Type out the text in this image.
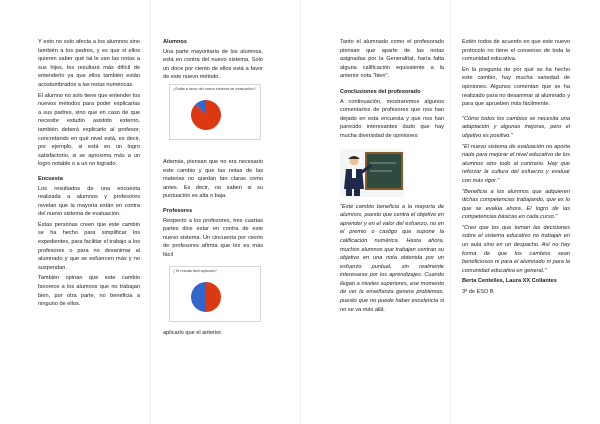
Y esto no solo afecta a los alumnos sino también a los padres, y es que si ellos quieren saber qué tal le van las notas a sus hijos, les resultará más difícil de entenderlo ya que ellos también están acostumbrados a las notas numéricas.

El alumno no solo tiene que entender los nuevos métodos para poder explicarlas a sus padres, sino que en caso de que necesite estudio asistido externo, también deberá explicarlo al profesor, concretando en qué nivel está, es decir, por ejemplo, si está en un logro satisfactorio, si se aproxima más a un logro notable o a un no logrado.

Encuesta

Los resultados de una encuesta realizada a alumnos y profesores revelan que la mayoría están en contra del nuevo sistema de evaluación.

Estas personas creen que este cambio se ha hecho para simplificar los expedientes, para facilitar el trabajo a los profesores o para no desanimar al alumnado y que se esfuercen más y no suspendan.

También opinan que este cambio favorece a los alumnos que no trabajan bien, por otra parte, no beneficia a ninguno de ellos.

Alumnos

Una parte mayoritaria de los alumnos, está en contra del nuevo sistema. Solo un doce por ciento de ellos está a favor de este nuevo método.

¿Estás a favor del nuevo sistema de evaluación?

Además, piensan que no era necesario este cambio y que las notas de las materias no quedan tan claras como antes. Es decir, no saben si su puntuación es alta o baja.

Profesores

Respecto a los profesores, tres cuartas partes dice estar en contra de este nuevo sistema. Un cincuenta por ciento de profesores afirma que les es más fácil

¿Te resulta fácil aplicarlo?

aplicarlo que el anterior.

Tanto el alumnado como el profesorado piensan que aparte de las notas asignadas por la Generalitat, haría falta alguna calificación equivalente a la anterior nota "bien".

Conclusiones del profesorado

A continuación, mostraremos algunos comentarios de profesores que nos han dejado en esta encuesta y que nos han parecido interesantes dado que hay mucha diversidad de opiniones:

"Este cambio beneficia a la mayoría de alumnos, puesto que centra el objetivo en aprender y en el valor del esfuerzo, no en el premio o castigo que supone la calificación numérica. Hasta ahora, muchos alumnos que trabajan centran su objetivo en una nota obtenida por un esfuerzo puntual, sin realmente interesarse por los aprendizajes. Cuando llegan a niveles superiores, ese momento de ver la enseñanza genera problemas, puesto que no puede haber excelencia si no se va más allá.

Estén todos de acuerdo en que este nuevo protocolo no tiene el consenso de toda la comunidad educativa.

En la pregunta de por qué se ha hecho este cambio, hay mucha variedad de opiniones. Algunos comentan que se ha realizado para no desanimar al alumnado y para que aprueben más fácilmente.

"Cómo todos los cambios se necesita una adaptación y algunas mejoras, pero el objetivo es positivo."

"El nuevo sistema de evaluación no aporta nada para mejorar el nivel educativo de los alumnos sino todo al contrario. Hay que reforzar la cultura del esfuerzo y evaluar con más rigor."

"Beneficia a los alumnos que adquieren dichas competencias trabajando, que es lo que se evalúa ahora. El logro de las competencias básicas en cada curso."

"Creo que los que toman las decisiones sobre el sistema educativo no trabajan en un aula sino en un despacho. Así no hay forma de que los cambios sean beneficiosos ni para el alumnado ni para la comunidad educativa en general."

Berta Centelles, Laura XX Collantes

3º de ESO B
